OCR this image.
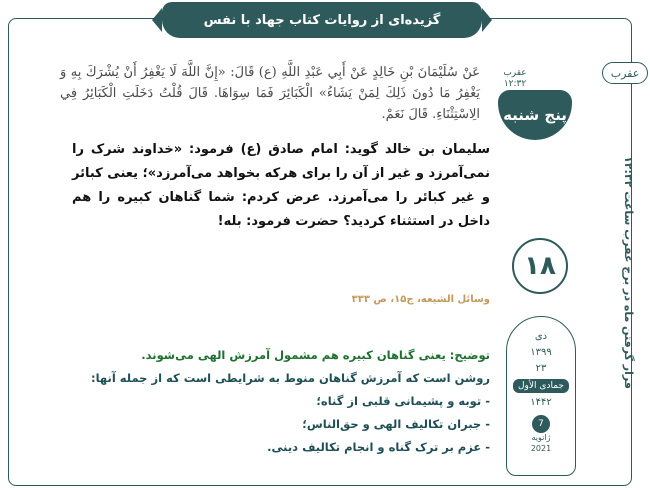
گزیده‌ای از روایات کتاب جهاد با نفس
عقرب
قرار گرفتن ماه در برج عقرب ساعت ۱۲:۳۲
عقرب
۱۲:۳۲
پنج شنبه
۱۸
دی
۱۳۹۹
۲۳
جمادی الأول
۱۴۴۲
7
ژانویه
2021
عَنْ سُلَيْمَانَ بْنِ خَالِدٍ عَنْ أَبِي عَبْدِ اللَّهِ (ع) قَالَ: «إِنَّ اللَّهَ لَا يَغْفِرُ أَنْ يُشْرَكَ بِهِ وَ يَغْفِرُ مَا دُونَ ذَلِكَ لِمَنْ يَشَاءُ» الْكَبَائِرَ فَمَا سِوَاهَا. قَالَ قُلْتُ دَخَلَتِ الْكَبَائِرُ فِي الِاسْتِثْنَاءِ. قَالَ نَعَمْ.
سلیمان بن خالد گوید: امام صادق (ع) فرمود: «خداوند شرک را نمی‌آمرزد و غیر از آن را برای هرکه بخواهد می‌آمرزد»؛ یعنی کبائر و غیر کبائر را می‌آمرزد. عرض کردم: شما گناهان کبیره را هم داخل در استثناء کردید؟ حضرت فرمود: بله!
وسائل الشیعه، ج۱۵، ص ۳۳۳
توضیح: یعنی گناهان کبیره هم مشمول آمرزش الهی می‌شوند.
روشن است که آمرزش گناهان منوط به شرایطی است که از جمله آنها:
- توبه و پشیمانی قلبی از گناه؛
- جبران تکالیف الهی و حق‌الناس؛
- عزم بر ترک گناه و انجام تکالیف دینی.
